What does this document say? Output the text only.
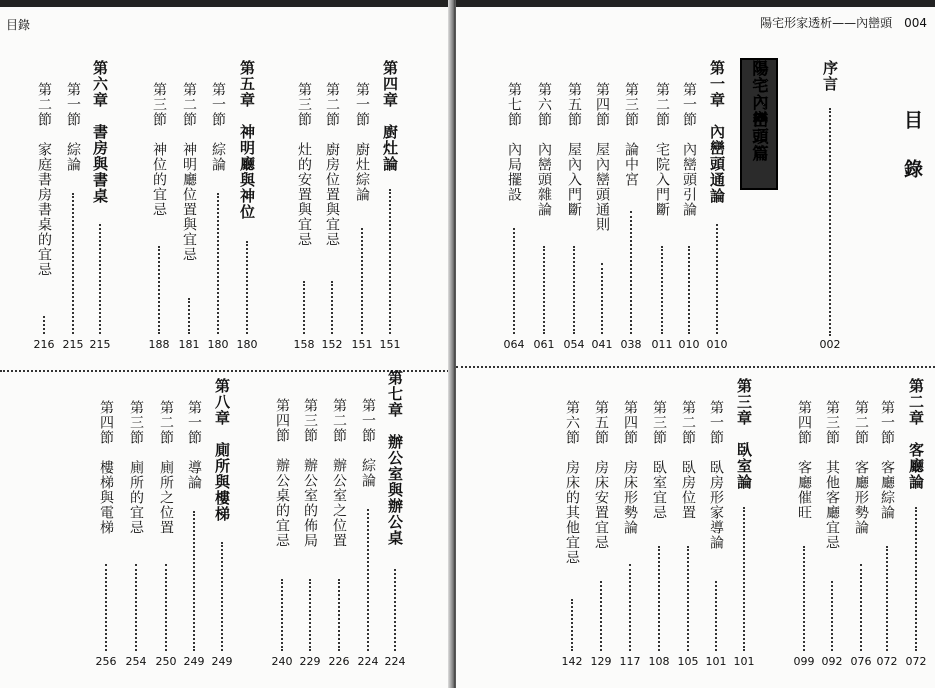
目錄	陽宅形家透析——內巒頭　004
目錄
陽宅內巒頭篇	序言
002
第一章　內巒頭通論
010
第一節　內巒頭引論
010
第二節　宅院入門斷
011
第三節　論中宮
038
第四節　屋內巒頭通則
041
第五節　屋內入門斷
054
第六節　內巒頭雜論
061
第七節　內局擺設
064
第二章　客廳論
072
第一節　客廳綜論
072
第二節　客廳形勢論
076
第三節　其他客廳宜忌
092
第四節　客廳催旺
099
第三章　臥室論
101
第一節　臥房形家導論
101
第二節　臥房位置
105
第三節　臥室宜忌
108
第四節　房床形勢論
117
第五節　房床安置宜忌
129
第六節　房床的其他宜忌
142
第四章　廚灶論
151
第一節　廚灶綜論
151
第二節　廚房位置與宜忌
152
第三節　灶的安置與宜忌
158
第五章　神明廳與神位
180
第一節　綜論
180
第二節　神明廳位置與宜忌
181
第三節　神位的宜忌
188
第六章　書房與書桌
215
第一節　綜論
215
第二節　家庭書房書桌的宜忌
216
第七章　辦公室與辦公桌
224
第一節　綜論
224
第二節　辦公室之位置
226
第三節　辦公室的佈局
229
第四節　辦公桌的宜忌
240
第八章　廁所與樓梯
249
第一節　導論
249
第二節　廁所之位置
250
第三節　廁所的宜忌
254
第四節　樓梯與電梯
256
